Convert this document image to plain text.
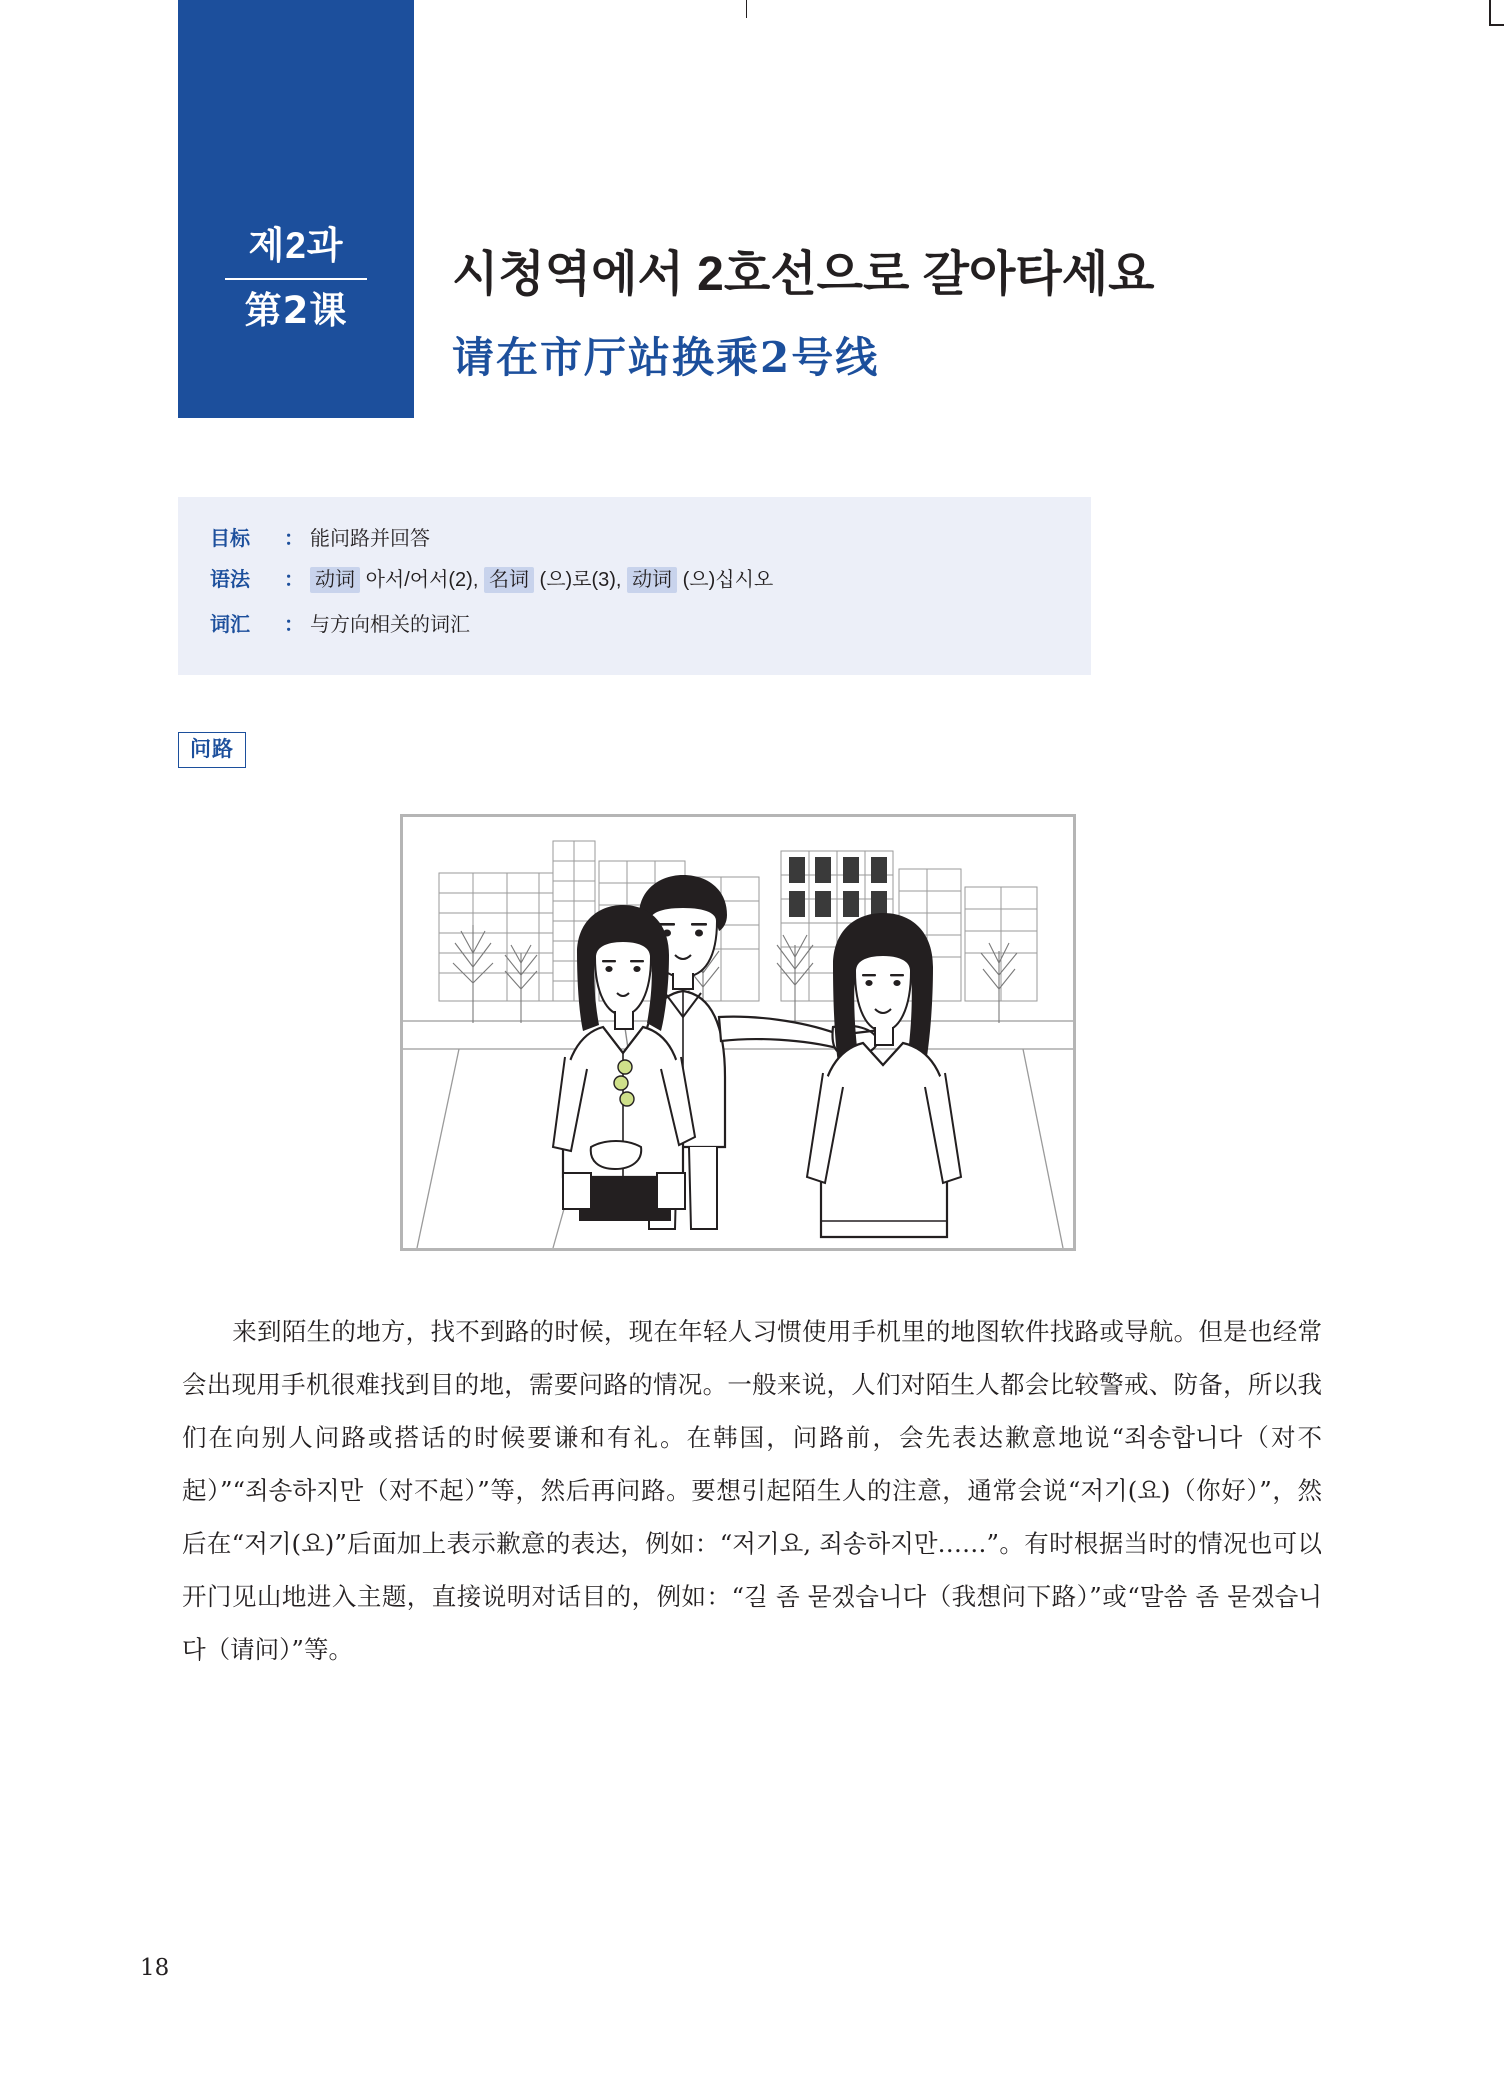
제2과
第2课
시청역에서 2호선으로 갈아타세요
请在市厅站换乘2号线
目标 ： 能问路并回答
语法 ： 动词 아서/어서(2), 名词 (으)로(3), 动词 (으)십시오
词汇 ： 与方向相关的词汇
问路
来到陌生的地方，找不到路的时候，现在年轻人习惯使用手机里的地图软件找路或导航。但是也经常会出现用手机很难找到目的地，需要问路的情况。一般来说，人们对陌生人都会比较警戒、防备，所以我们在向别人问路或搭话的时候要谦和有礼。在韩国，问路前，会先表达歉意地说“죄송합니다（对不起）”“죄송하지만（对不起）”等，然后再问路。要想引起陌生人的注意，通常会说“저기(요)（你好）”，然后在“저기(요)”后面加上表示歉意的表达，例如：“저기요, 죄송하지만……”。有时根据当时的情况也可以开门见山地进入主题，直接说明对话目的，例如：“길 좀 묻겠습니다（我想问下路）”或“말씀 좀 묻겠습니다（请问）”等。
18
